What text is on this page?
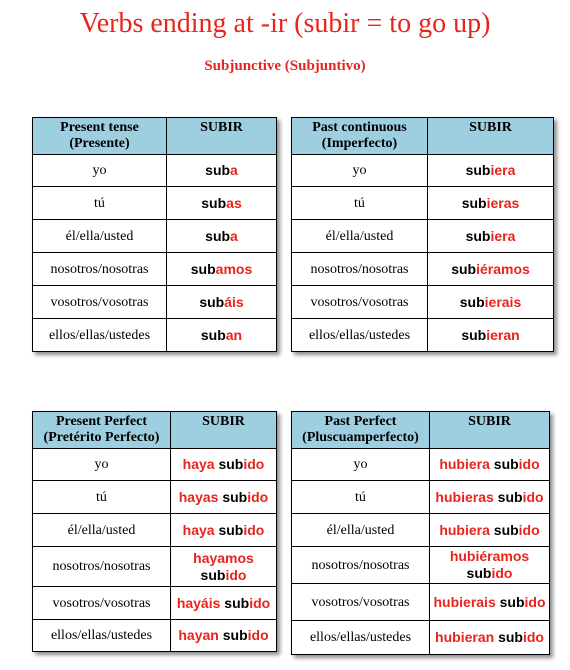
Verbs ending at -ir (subir = to go up)
Subjunctive (Subjuntivo)
Present tense
(Presente)	SUBIR
yo	suba
tú	subas
él/ella/usted	suba
nosotros/nosotras	subamos
vosotros/vosotras	subáis
ellos/ellas/ustedes	suban
Past continuous
(Imperfecto)	SUBIR
yo	subiera
tú	subieras
él/ella/usted	subiera
nosotros/nosotras	subiéramos
vosotros/vosotras	subierais
ellos/ellas/ustedes	subieran
Present Perfect
(Pretérito Perfecto)	SUBIR
yo	haya subido
tú	hayas subido
él/ella/usted	haya subido
nosotros/nosotras	hayamos subido
vosotros/vosotras	hayáis subido
ellos/ellas/ustedes	hayan subido
Past Perfect
(Pluscuamperfecto)	SUBIR
yo	hubiera subido
tú	hubieras subido
él/ella/usted	hubiera subido
nosotros/nosotras	hubiéramos subido
vosotros/vosotras	hubierais subido
ellos/ellas/ustedes	hubieran subido
